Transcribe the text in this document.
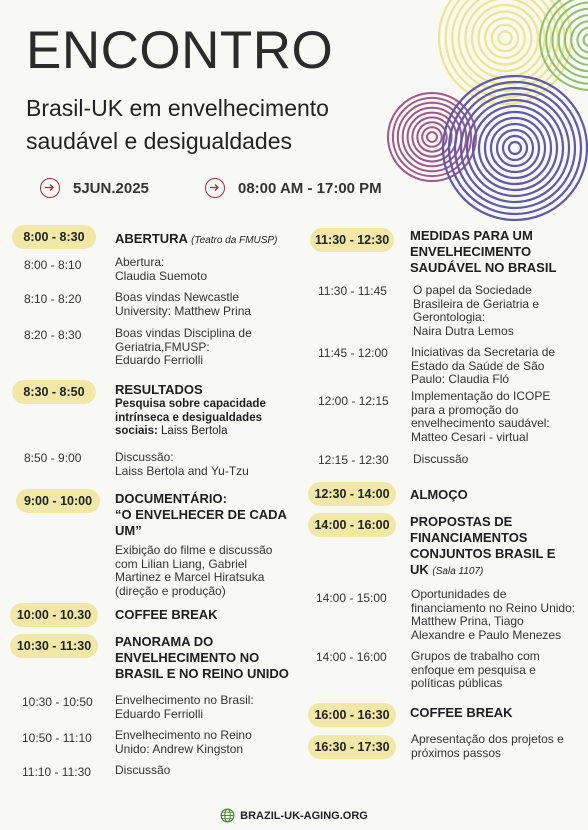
ENCONTRO
Brasil-UK em envelhecimento
saudável e desigualdades
5JUN.2025	08:00 AM - 17:00 PM
8:00 - 8:30	ABERTURA (Teatro da FMUSP)
8:00 - 8:10	Abertura:
Claudia Suemoto
8:10 - 8:20	Boas vindas Newcastle
University: Matthew Prina
8:20 - 8:30	Boas vindas Disciplina de
Geriatria,FMUSP:
Eduardo Ferriolli
8:30 - 8:50	RESULTADOS
Pesquisa sobre capacidade
intrínseca e desigualdades
sociais: Laiss Bertola
8:50 - 9:00	Discussão:
Laiss Bertola and Yu-Tzu
9:00 - 10:00	DOCUMENTÁRIO:
“O ENVELHECER DE CADA
UM”
Exibição do filme e discussão
com Lilian Liang, Gabriel
Martinez e Marcel Hiratsuka
(direção e produção)
10:00 - 10.30	COFFEE BREAK
10:30 - 11:30	PANORAMA DO
ENVELHECIMENTO NO
BRASIL E NO REINO UNIDO
10:30 - 10:50 Envelhecimento no Brasil:
Eduardo Ferriolli
10:50 - 11:10 Envelhecimento no Reino
Unido: Andrew Kingston
11:10 - 11:30 Discussão
11:30 - 12:30	MEDIDAS PARA UM
ENVELHECIMENTO
SAUDÁVEL NO BRASIL
11:30 - 11:45 O papel da Sociedade
Brasileira de Geriatria e
Gerontologia:
Naira Dutra Lemos
11:45 - 12:00 Iniciativas da Secretaria de
Estado da Saúde de São
Paulo: Claudia Fló
12:00 - 12:15 Implementação do ICOPE
para a promoção do
envelhecimento saudável:
Matteo Cesari - virtual
12:15 - 12:30 Discussão
12:30 - 14:00	ALMOÇO
14:00 - 16:00	PROPOSTAS DE
FINANCIAMENTOS
CONJUNTOS BRASIL E
UK (Sala 1107)
14:00 - 15:00 Oportunidades de
financiamento no Reino Unido:
Matthew Prina, Tiago
Alexandre e Paulo Menezes
14:00 - 16:00 Grupos de trabalho com
enfoque em pesquisa e
políticas públicas
16:00 - 16:30	COFFEE BREAK
16:30 - 17:30
Apresentação dos projetos e
próximos passos
BRAZIL-UK-AGING.ORG
